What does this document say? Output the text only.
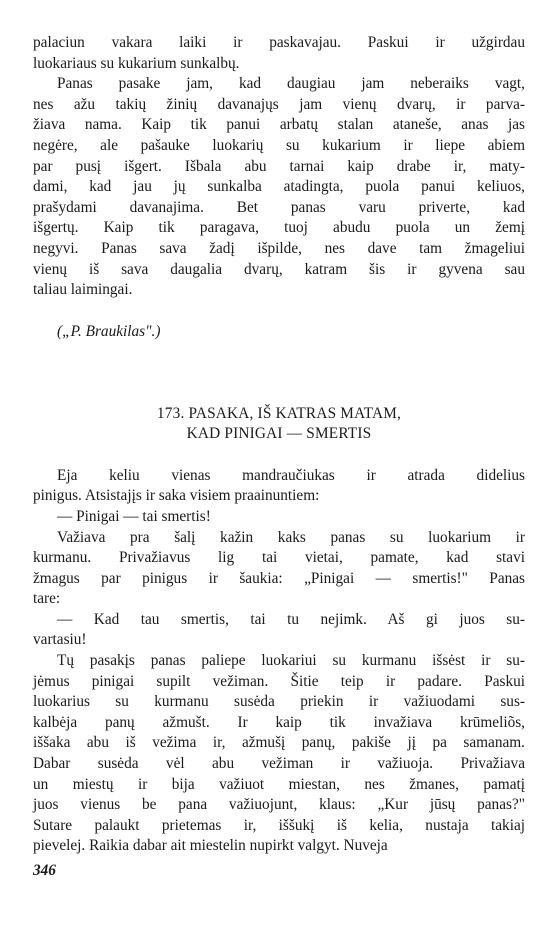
palaciun vakara laiki ir paskavajau. Paskui ir užgirdau
luokariaus su kukarium sunkalbų.
Panas pasake jam, kad daugiau jam neberaiks vagt,
nes ažu takių žinių davanajųs jam vienų dvarų, ir parva-
žiava nama. Kaip tik panui arbatų stalan ataneše, anas jas
negėre, ale pašauke luokarių su kukarium ir liepe abiem
par pusį išgert. Išbala abu tarnai kaip drabe ir, maty-
dami, kad jau jų sunkalba atadingta, puola panui keliuos,
prašydami davanajima. Bet panas varu priverte, kad
išgertų. Kaip tik paragava, tuoj abudu puola un žemį
negyvi. Panas sava žadį išpilde, nes dave tam žmageliui
vienų iš sava daugalia dvarų, katram šis ir gyvena sau
taliau laimingai.
(„P. Braukilas".)
173. PASAKA, IŠ KATRAS MATAM,
KAD PINIGAI — SMERTIS
Eja keliu vienas mandraučiukas ir atrada didelius
pinigus. Atsistajįs ir saka visiem praainuntiem:
— Pinigai — tai smertis!
Važiava pra šalį kažin kaks panas su luokarium ir
kurmanu. Privažiavus lig tai vietai, pamate, kad stavi
žmagus par pinigus ir šaukia: „Pinigai — smertis!" Panas
tare:
— Kad tau smertis, tai tu nejimk. Aš gi juos su-
vartasiu!
Tų pasakįs panas paliepe luokariui su kurmanu išsėst ir su-
jėmus pinigai supilt vežiman. Šitie teip ir padare. Paskui
luokarius su kurmanu susėda priekin ir važiuodami sus-
kalbėja panų ažmušt. Ir kaip tik invažiava krūmeliõs,
iššaka abu iš vežima ir, ažmušį panų, pakiše jį pa samanam.
Dabar susėda vėl abu vežiman ir važiuoja. Privažiava
un miestų ir bija važiuot miestan, nes žmanes, pamatį
juos vienus be pana važiuojunt, klaus: „Kur jūsų panas?"
Sutare palaukt prietemas ir, iššukį iš kelia, nustaja takiaj
pievelej. Raikia dabar ait miestelin nupirkt valgyt. Nuveja
346
